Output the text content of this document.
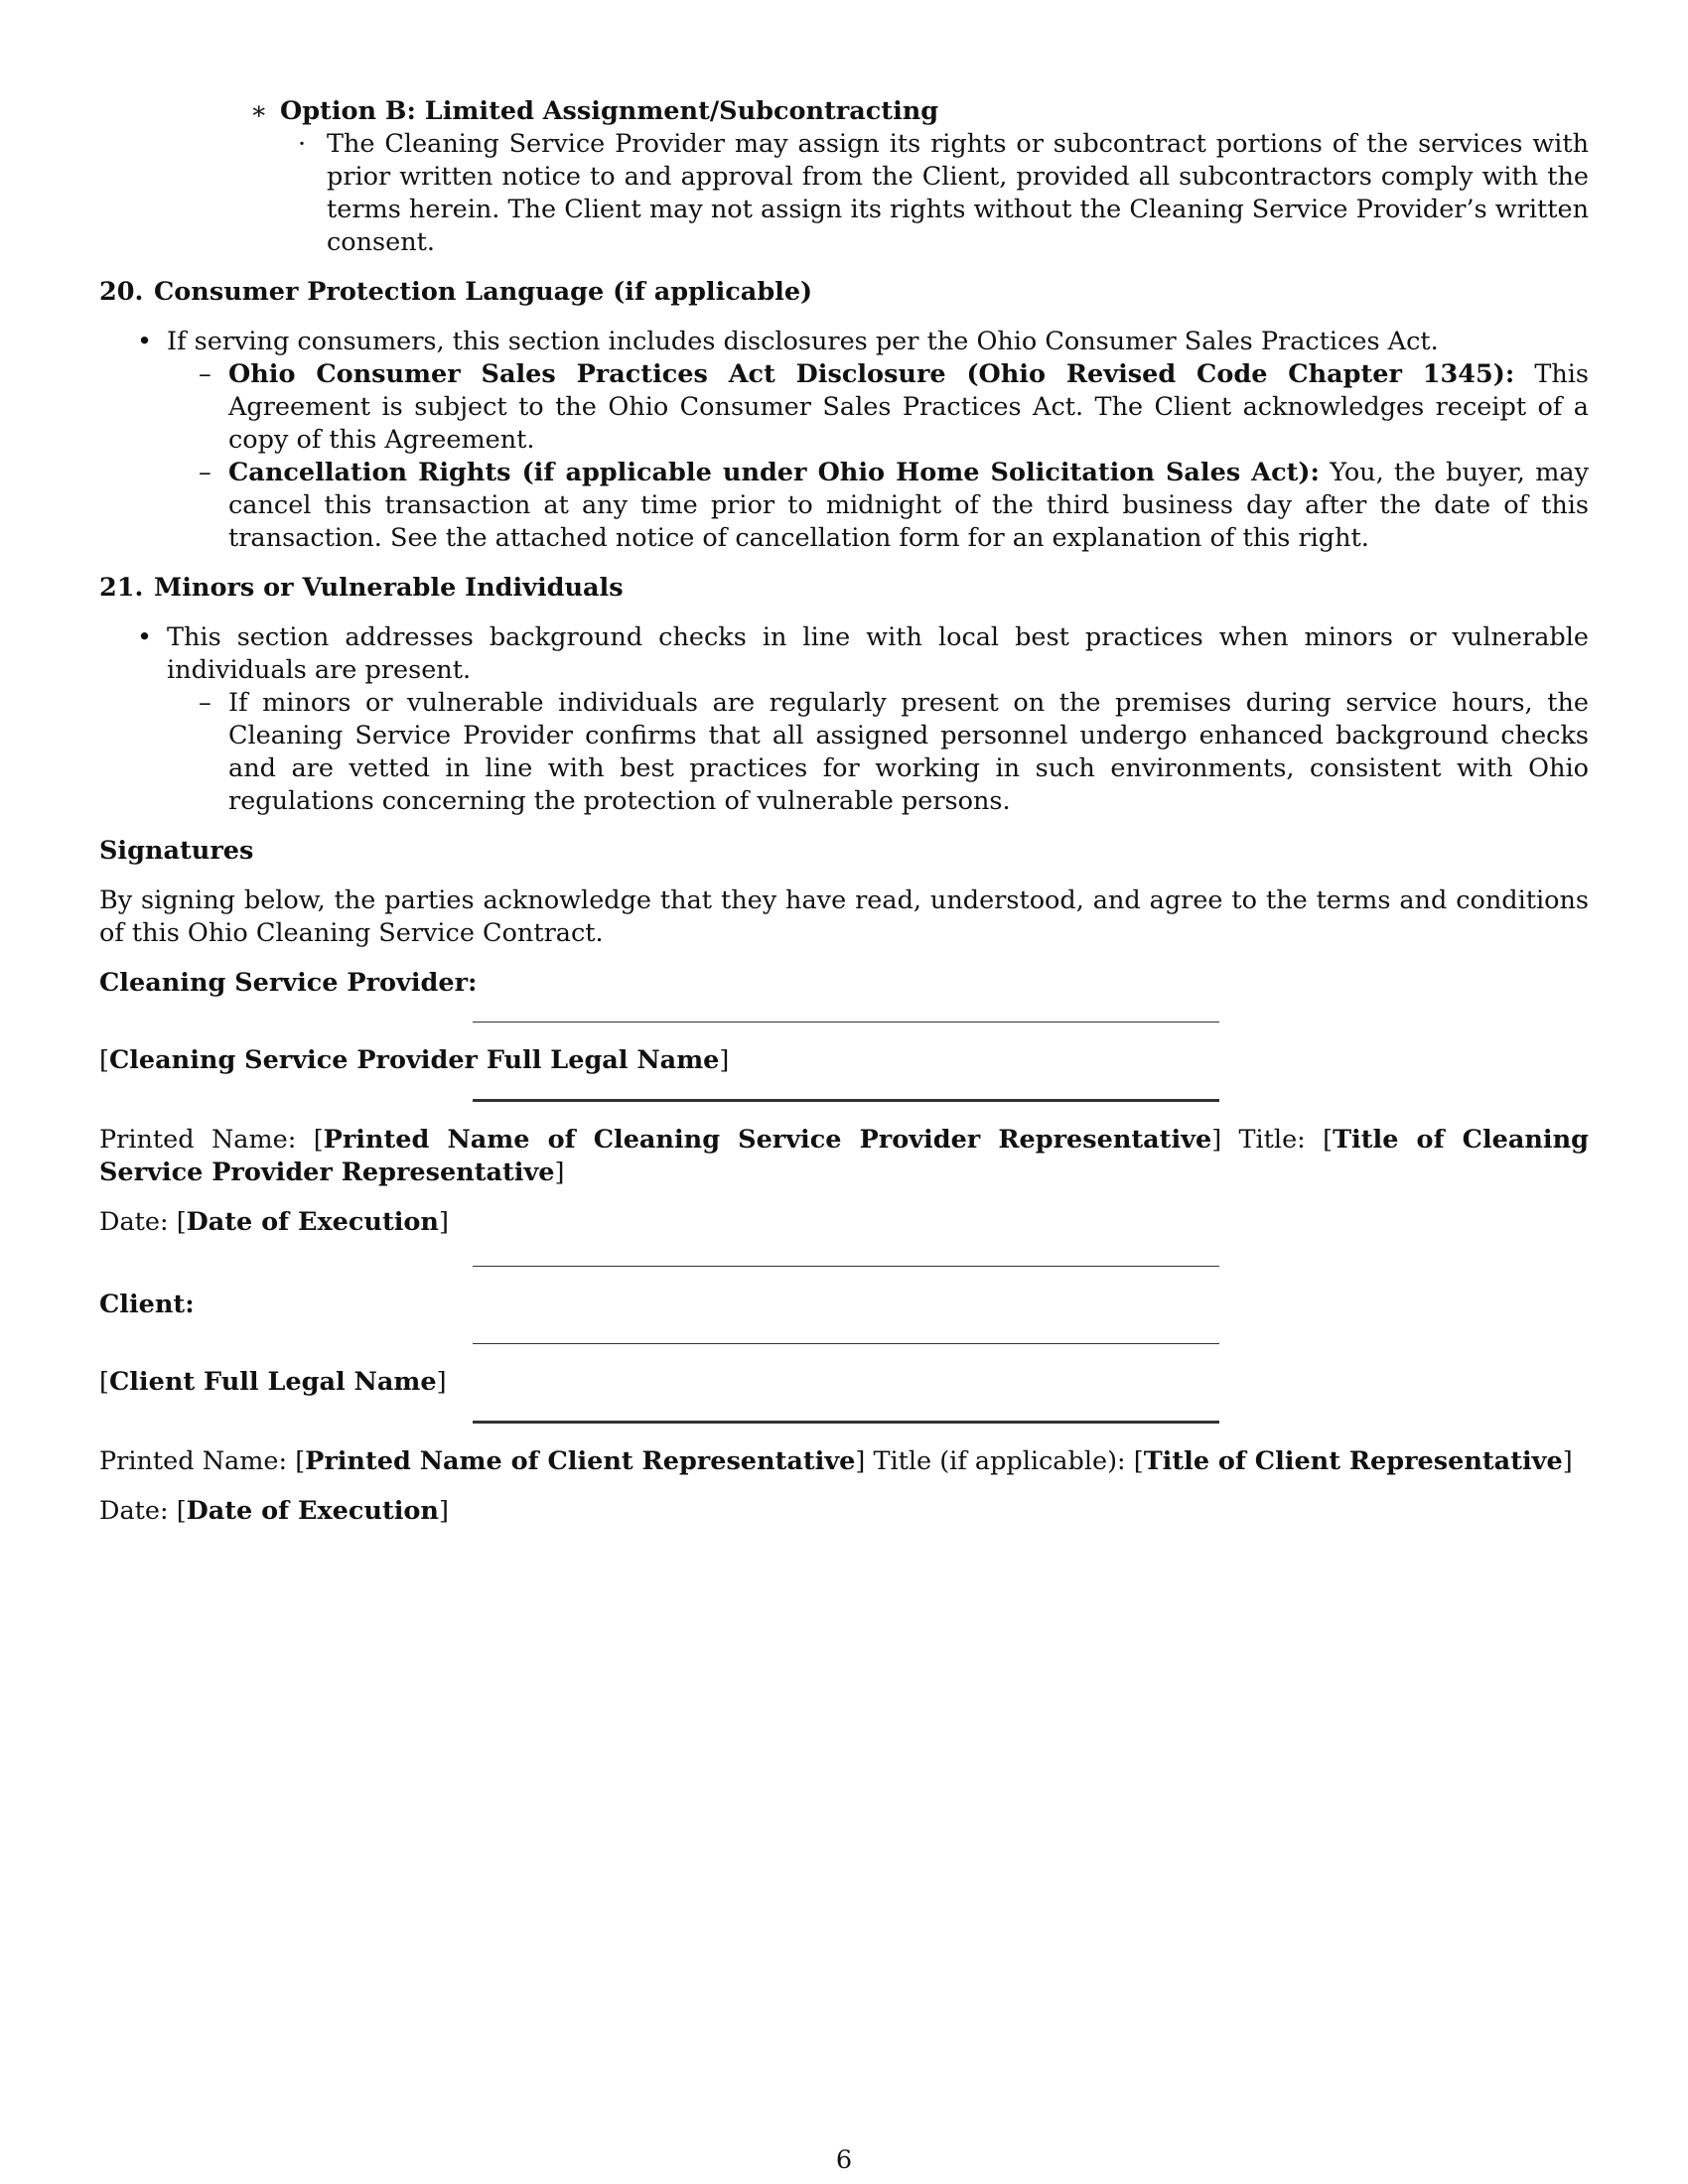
∗ Option B: Limited Assignment/Subcontracting

· The Cleaning Service Provider may assign its rights or subcontract portions of the services with prior written notice to and approval from the Client, provided all subcontractors comply with the terms herein. The Client may not assign its rights without the Cleaning Service Provider’s written consent.

20. Consumer Protection Language (if applicable)

• If serving consumers, this section includes disclosures per the Ohio Consumer Sales Practices Act.

– Ohio Consumer Sales Practices Act Disclosure (Ohio Revised Code Chapter 1345): This Agreement is subject to the Ohio Consumer Sales Practices Act. The Client acknowledges receipt of a copy of this Agreement.

– Cancellation Rights (if applicable under Ohio Home Solicitation Sales Act): You, the buyer, may cancel this transaction at any time prior to midnight of the third business day after the date of this transaction. See the attached notice of cancellation form for an explanation of this right.

21. Minors or Vulnerable Individuals

• This section addresses background checks in line with local best practices when minors or vulnerable individuals are present.

– If minors or vulnerable individuals are regularly present on the premises during service hours, the Cleaning Service Provider confirms that all assigned personnel undergo enhanced background checks and are vetted in line with best practices for working in such environments, consistent with Ohio regulations concerning the protection of vulnerable persons.

Signatures

By signing below, the parties acknowledge that they have read, understood, and agree to the terms and conditions of this Ohio Cleaning Service Contract.

Cleaning Service Provider:

[Cleaning Service Provider Full Legal Name]

Printed Name: [Printed Name of Cleaning Service Provider Representative] Title: [Title of Cleaning Service Provider Representative]

Date: [Date of Execution]

Client:

[Client Full Legal Name]

Printed Name: [Printed Name of Client Representative] Title (if applicable): [Title of Client Representative]

Date: [Date of Execution]

6
